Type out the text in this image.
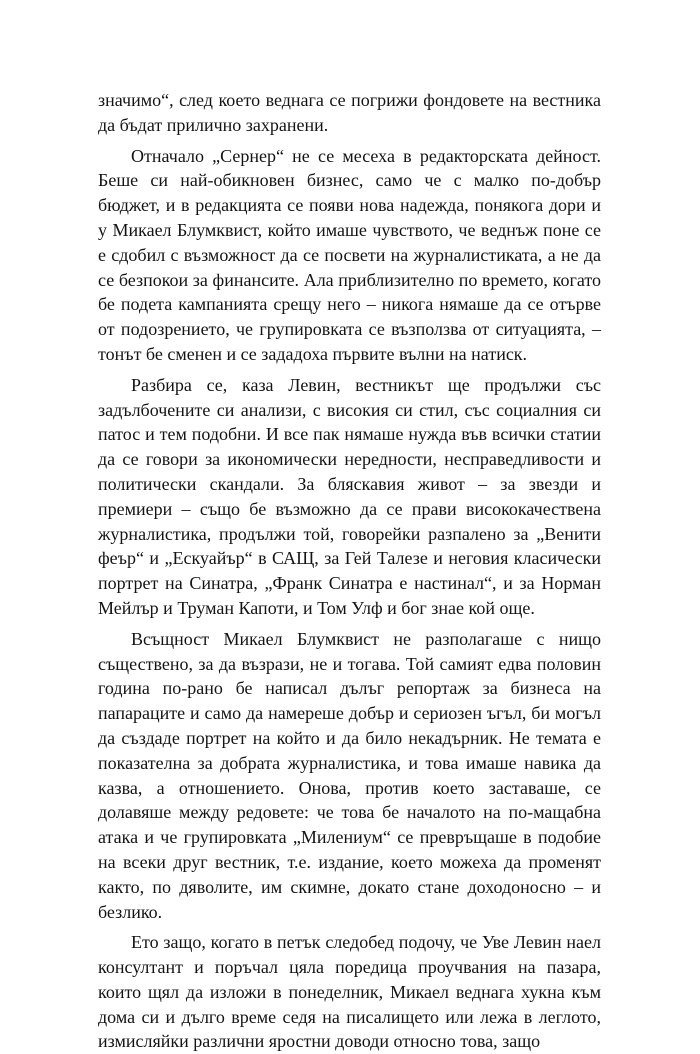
значимо“, след което веднага се погрижи фондовете на вестника да бъдат прилично захранени.

Отначало „Сернер“ не се месеха в редакторската дейност. Беше си най-обикновен бизнес, само че с малко по-добър бюджет, и в редакцията се появи нова надежда, понякога дори и у Микаел Блумквист, който имаше чувството, че веднъж поне се е сдобил с възможност да се посвети на журналистиката, а не да се безпокои за финансите. Ала приблизително по времето, когато бе подета кампанията срещу него – никога нямаше да се отърве от подозрението, че групировката се възползва от ситуацията, – тонът бе сменен и се зададоха първите вълни на натиск.

Разбира се, каза Левин, вестникът ще продължи със задълбочените си анализи, с високия си стил, със социалния си патос и тем подобни. И все пак нямаше нужда във всички статии да се говори за икономически нередности, несправедливости и политически скандали. За бляскавия живот – за звезди и премиери – също бе възможно да се прави висококачествена журналистика, продължи той, говорейки разпалено за „Венити феър“ и „Ескуайър“ в САЩ, за Гей Талезе и неговия класически портрет на Синатра, „Франк Синатра е настинал“, и за Норман Мейлър и Труман Капоти, и Том Улф и бог знае кой още.

Всъщност Микаел Блумквист не разполагаше с нищо съществено, за да възрази, не и тогава. Той самият едва половин година по-рано бе написал дълъг репортаж за бизнеса на папараците и само да намереше добър и сериозен ъгъл, би могъл да създаде портрет на който и да било некадърник. Не темата е показателна за добрата журналистика, и това имаше навика да казва, а отношението. Онова, против което заставаше, се долавяше между редовете: че това бе началото на по-мащабна атака и че групировката „Милениум“ се превръщаше в подобие на всеки друг вестник, т.е. издание, което можеха да променят както, по дяволите, им скимне, докато стане доходоносно – и безлико.

Ето защо, когато в петък следобед подочу, че Уве Левин наел консултант и поръчал цяла поредица проучвания на пазара, които щял да изложи в понеделник, Микаел веднага хукна към дома си и дълго време седя на писалището или лежа в леглото, измисляйки различни яростни доводи относно това, защо
